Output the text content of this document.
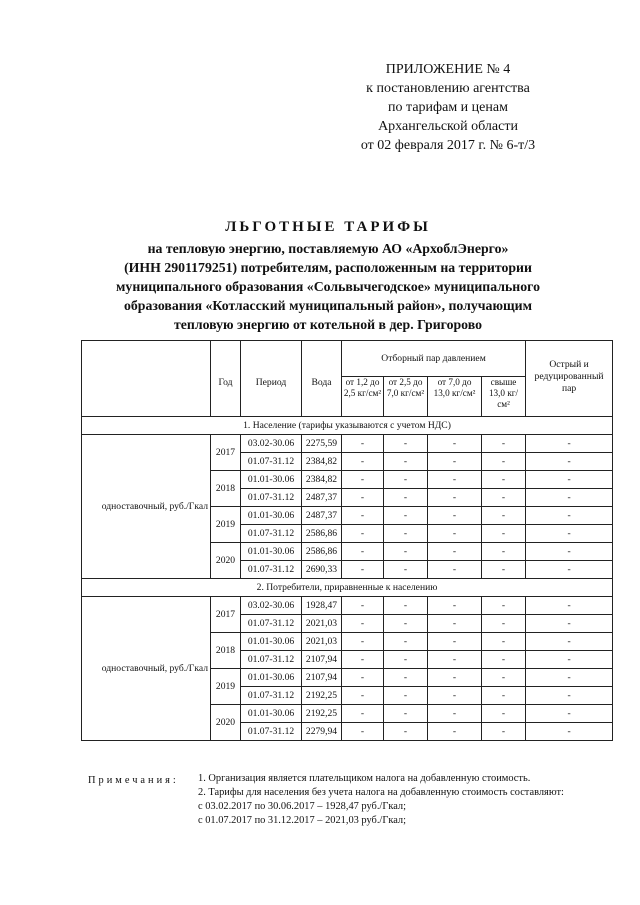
ПРИЛОЖЕНИЕ № 4
к постановлению агентства
по тарифам и ценам
Архангельской области
от 02 февраля 2017 г. № 6-т/3
ЛЬГОТНЫЕ ТАРИФЫ
на тепловую энергию, поставляемую АО «АрхоблЭнерго»
(ИНН 2901179251) потребителям, расположенным на территории
муниципального образования «Сольвычегодское» муниципального
образования «Котласский муниципальный район», получающим
тепловую энергию от котельной в дер. Григорово
	Год	Период	Вода	Отборный пар давлением				Острый и редуцированный пар
				от 1,2 до 2,5 кг/см²	от 2,5 до 7,0 кг/см²	от 7,0 до 13,0 кг/см²	свыше 13,0 кг/см²	
1. Население (тарифы указываются с учетом НДС)								
одноставочный, руб./Гкал	2017	03.02-30.06	2275,59	-	-	-	-	-
		01.07-31.12	2384,82	-	-	-	-	-
	2018	01.01-30.06	2384,82	-	-	-	-	-
		01.07-31.12	2487,37	-	-	-	-	-
	2019	01.01-30.06	2487,37	-	-	-	-	-
		01.07-31.12	2586,86	-	-	-	-	-
	2020	01.01-30.06	2586,86	-	-	-	-	-
		01.07-31.12	2690,33	-	-	-	-	-
2. Потребители, приравненные к населению								
одноставочный, руб./Гкал	2017	03.02-30.06	1928,47	-	-	-	-	-
		01.07-31.12	2021,03	-	-	-	-	-
	2018	01.01-30.06	2021,03	-	-	-	-	-
		01.07-31.12	2107,94	-	-	-	-	-
	2019	01.01-30.06	2107,94	-	-	-	-	-
		01.07-31.12	2192,25	-	-	-	-	-
	2020	01.01-30.06	2192,25	-	-	-	-	-
		01.07-31.12	2279,94	-	-	-	-	-
Примечания: 1. Организация является плательщиком налога на добавленную стоимость.
2. Тарифы для населения без учета налога на добавленную стоимость составляют:
с 03.02.2017 по 30.06.2017 – 1928,47 руб./Гкал;
с 01.07.2017 по 31.12.2017 – 2021,03 руб./Гкал;
